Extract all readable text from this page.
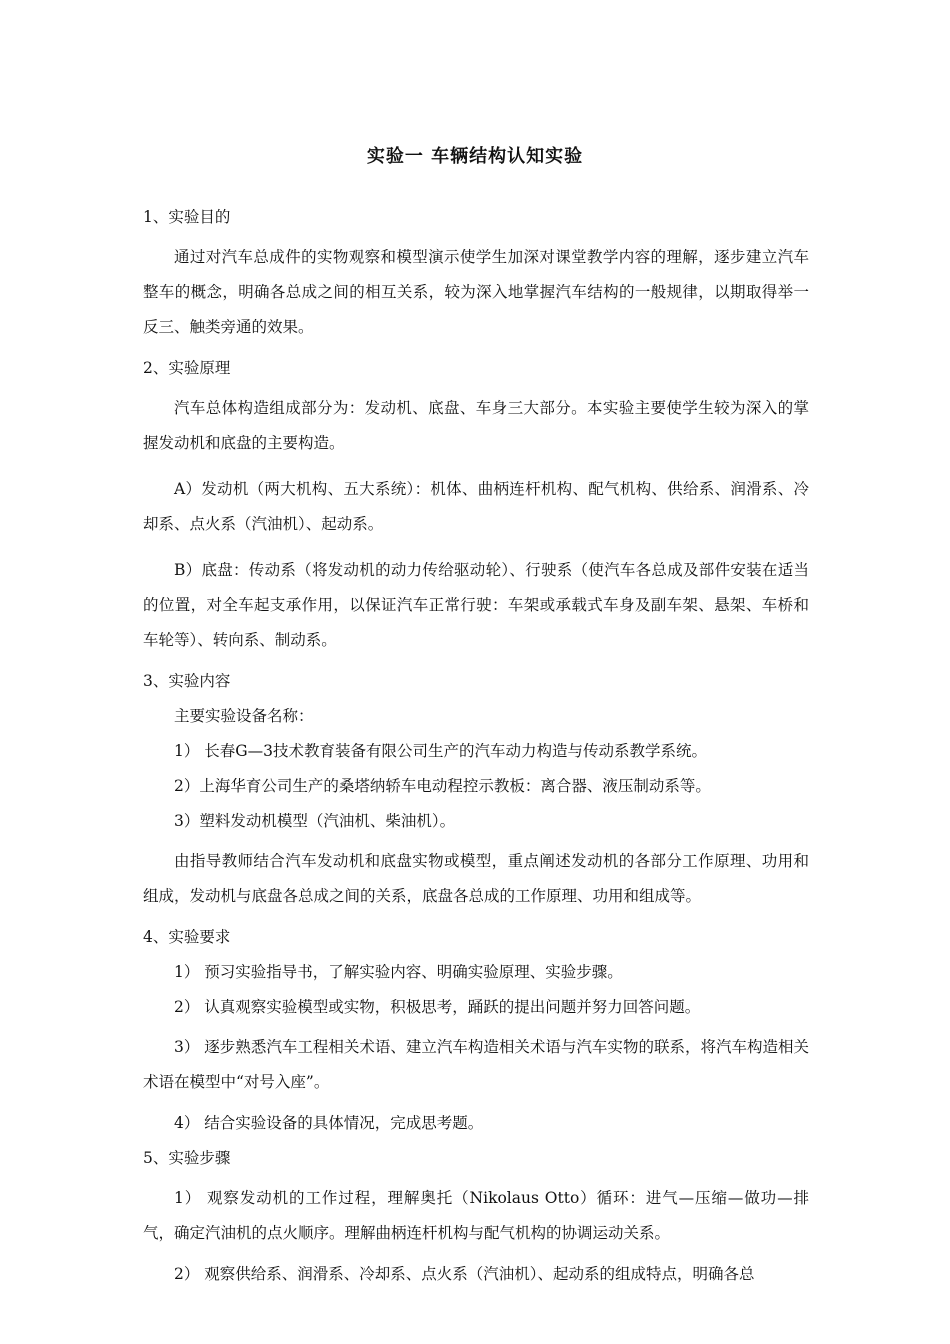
实验一 车辆结构认知实验
1、实验目的
通过对汽车总成件的实物观察和模型演示使学生加深对课堂教学内容的理解，逐步建立汽车整车的概念，明确各总成之间的相互关系，较为深入地掌握汽车结构的一般规律，以期取得举一反三、触类旁通的效果。
2、实验原理
汽车总体构造组成部分为：发动机、底盘、车身三大部分。本实验主要使学生较为深入的掌握发动机和底盘的主要构造。
A）发动机（两大机构、五大系统）：机体、曲柄连杆机构、配气机构、供给系、润滑系、冷却系、点火系（汽油机）、起动系。
B）底盘：传动系（将发动机的动力传给驱动轮）、行驶系（使汽车各总成及部件安装在适当的位置，对全车起支承作用，以保证汽车正常行驶：车架或承载式车身及副车架、悬架、车桥和车轮等）、转向系、制动系。
3、实验内容
主要实验设备名称：
1） 长春G—3技术教育装备有限公司生产的汽车动力构造与传动系教学系统。
2）上海华育公司生产的桑塔纳轿车电动程控示教板：离合器、液压制动系等。
3）塑料发动机模型（汽油机、柴油机）。
由指导教师结合汽车发动机和底盘实物或模型，重点阐述发动机的各部分工作原理、功用和组成，发动机与底盘各总成之间的关系，底盘各总成的工作原理、功用和组成等。
4、实验要求
1） 预习实验指导书，了解实验内容、明确实验原理、实验步骤。
2） 认真观察实验模型或实物，积极思考，踊跃的提出问题并努力回答问题。
3） 逐步熟悉汽车工程相关术语、建立汽车构造相关术语与汽车实物的联系，将汽车构造相关术语在模型中“对号入座”。
4） 结合实验设备的具体情况，完成思考题。
5、实验步骤
1） 观察发动机的工作过程，理解奥托（Nikolaus Otto）循环：进气—压缩—做功—排气，确定汽油机的点火顺序。理解曲柄连杆机构与配气机构的协调运动关系。
2） 观察供给系、润滑系、冷却系、点火系（汽油机）、起动系的组成特点，明确各总
